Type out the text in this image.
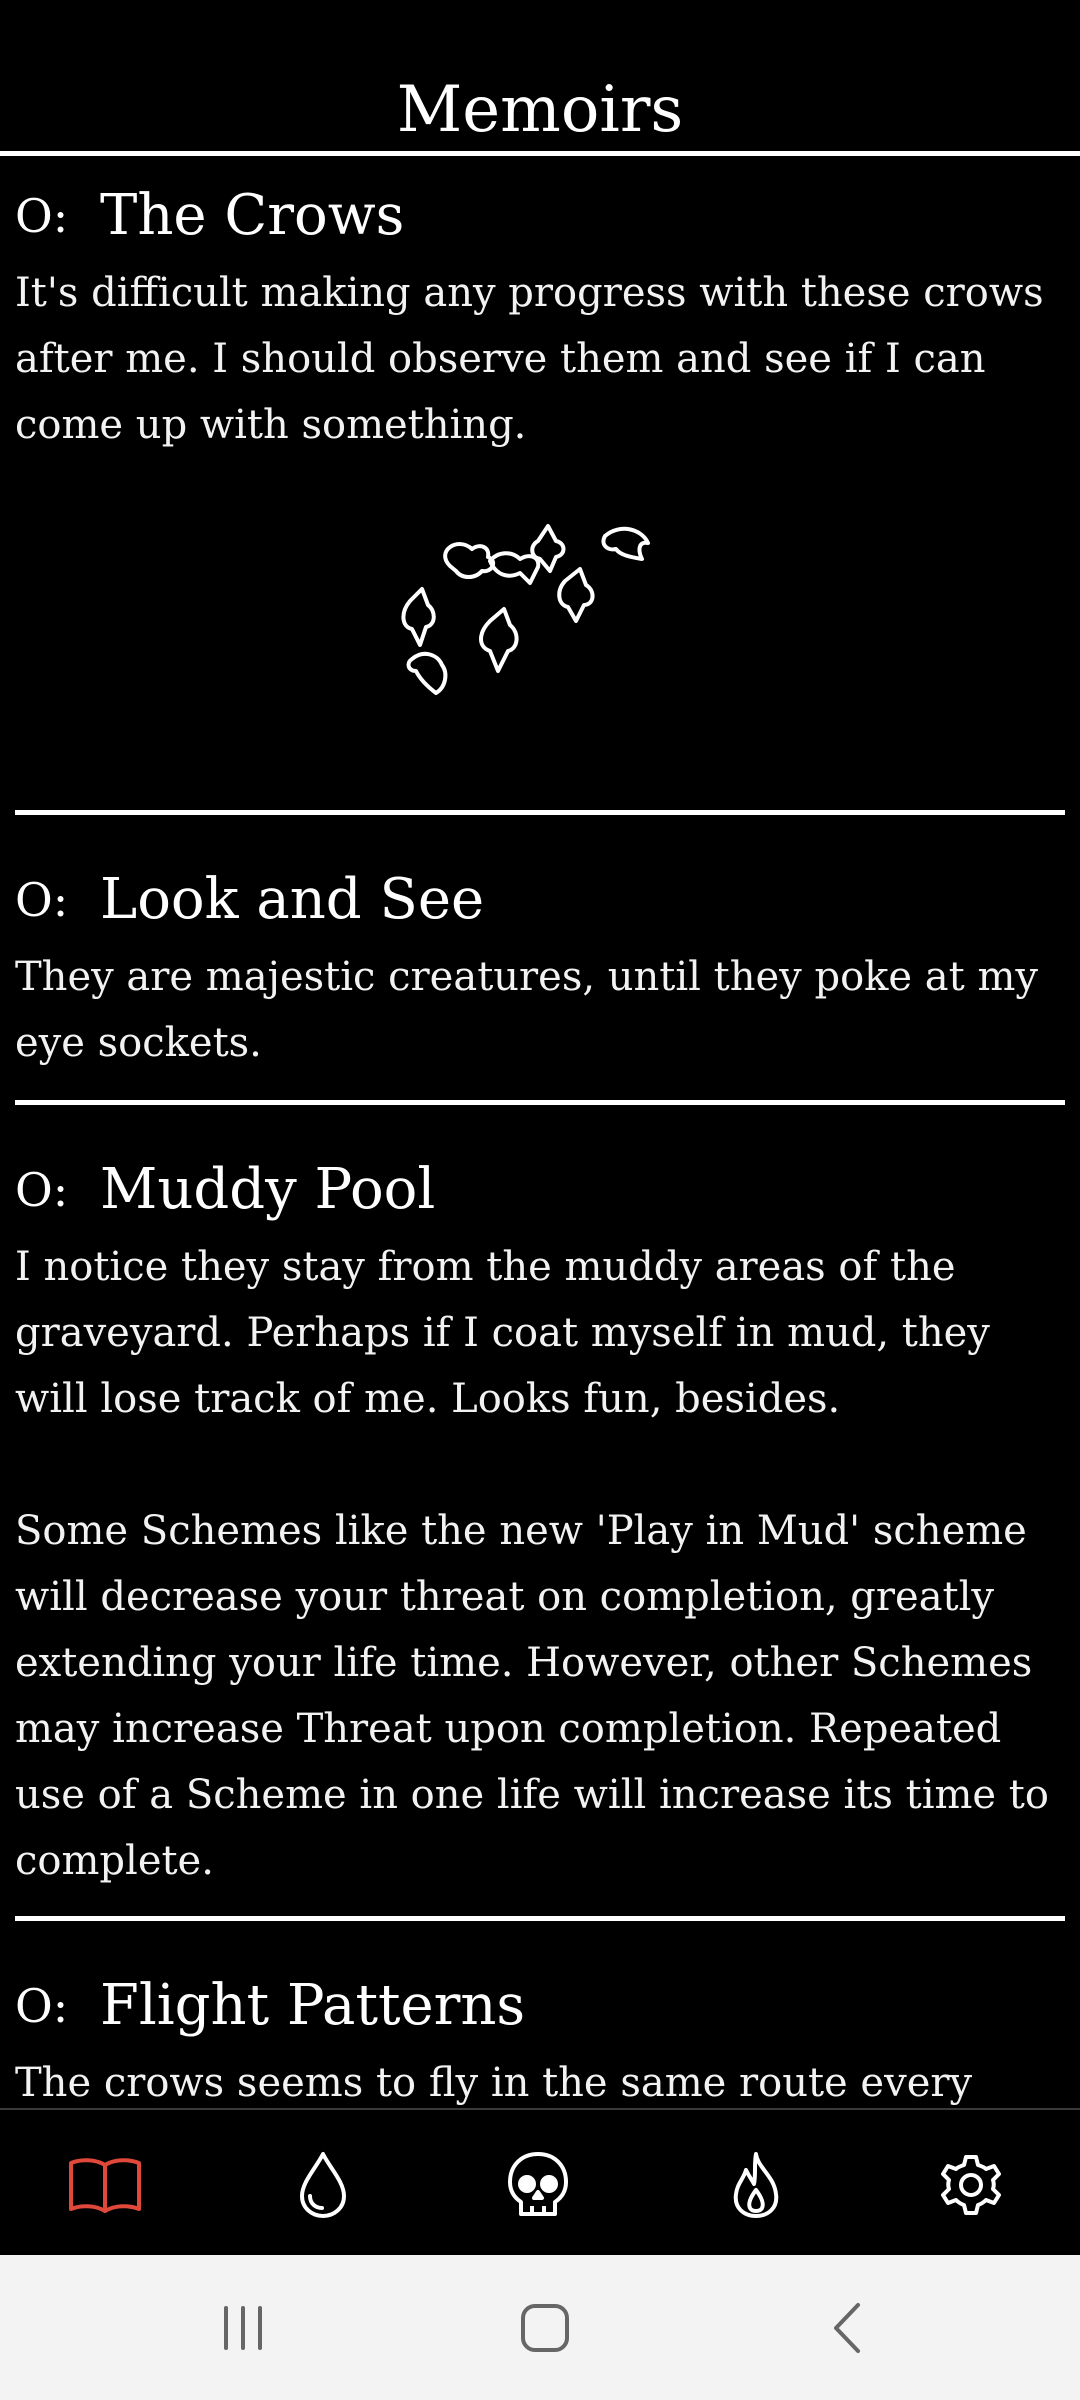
Memoirs
O: The Crows
It's difficult making any progress with these crows after me. I should observe them and see if I can come up with something.
O: Look and See
They are majestic creatures, until they poke at my eye sockets.
O: Muddy Pool
I notice they stay from the muddy areas of the graveyard. Perhaps if I coat myself in mud, they will lose track of me. Looks fun, besides.

Some Schemes like the new 'Play in Mud' scheme will decrease your threat on completion, greatly extending your life time. However, other Schemes may increase Threat upon completion. Repeated use of a Scheme in one life will increase its time to complete.
O: Flight Patterns
The crows seems to fly in the same route every
